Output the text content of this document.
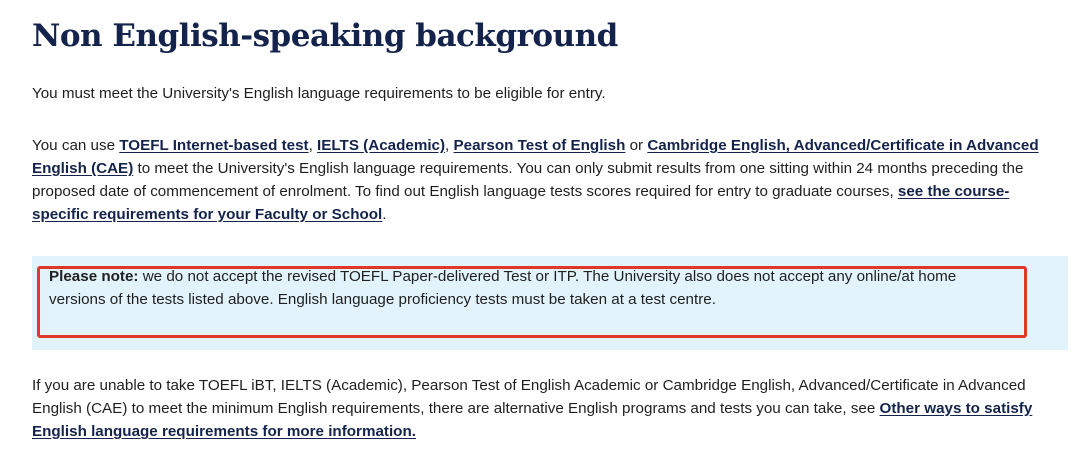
Non English-speaking background

You must meet the University's English language requirements to be eligible for entry.

You can use TOEFL Internet-based test, IELTS (Academic), Pearson Test of English or Cambridge English, Advanced/Certificate in Advanced English (CAE) to meet the University's English language requirements. You can only submit results from one sitting within 24 months preceding the proposed date of commencement of enrolment. To find out English language tests scores required for entry to graduate courses, see the course-specific requirements for your Faculty or School.

Please note: we do not accept the revised TOEFL Paper-delivered Test or ITP. The University also does not accept any online/at home versions of the tests listed above. English language proficiency tests must be taken at a test centre.

If you are unable to take TOEFL iBT, IELTS (Academic), Pearson Test of English Academic or Cambridge English, Advanced/Certificate in Advanced English (CAE) to meet the minimum English requirements, there are alternative English programs and tests you can take, see Other ways to satisfy English language requirements for more information.
